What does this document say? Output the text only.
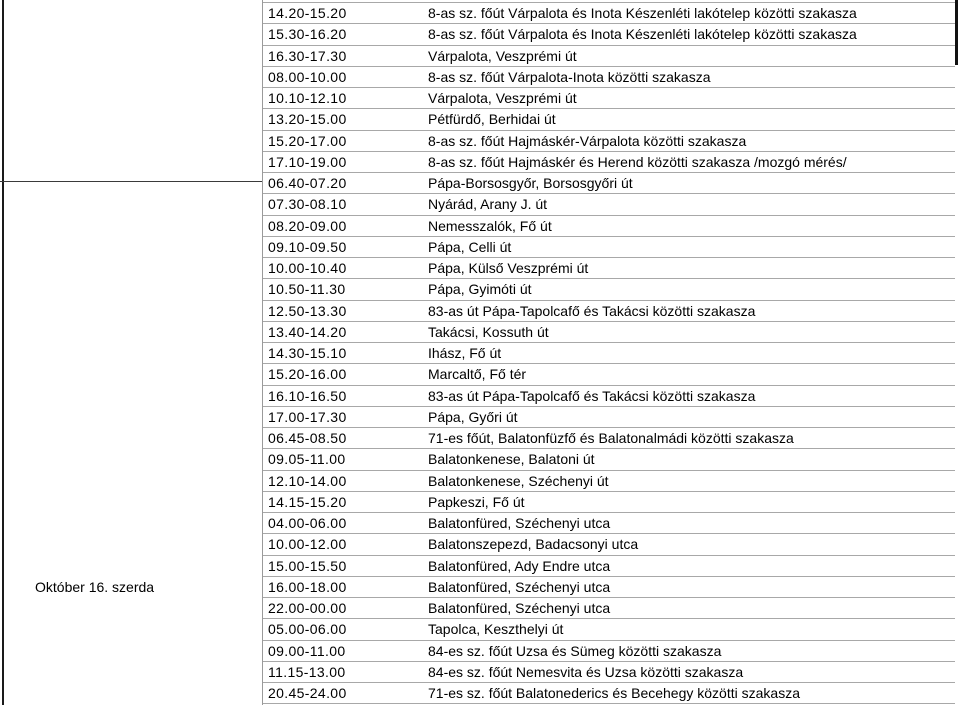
Október 16. szerda
14.20-15.20	8-as sz. főút Várpalota és Inota Készenléti lakótelep közötti szakasza
15.30-16.20	8-as sz. főút Várpalota és Inota Készenléti lakótelep közötti szakasza
16.30-17.30	Várpalota, Veszprémi út
08.00-10.00	8-as sz. főút Várpalota-Inota közötti szakasza
10.10-12.10	Várpalota, Veszprémi út
13.20-15.00	Pétfürdő, Berhidai út
15.20-17.00	8-as sz. főút Hajmáskér-Várpalota közötti szakasza
17.10-19.00	8-as sz. főút Hajmáskér és Herend közötti szakasza /mozgó mérés/
06.40-07.20	Pápa-Borsosgyőr, Borsosgyőri út
07.30-08.10	Nyárád, Arany J. út
08.20-09.00	Nemesszalók, Fő út
09.10-09.50	Pápa, Celli út
10.00-10.40	Pápa, Külső Veszprémi út
10.50-11.30	Pápa, Gyimóti út
12.50-13.30	83-as út Pápa-Tapolcafő és Takácsi közötti szakasza
13.40-14.20	Takácsi, Kossuth út
14.30-15.10	Ihász, Fő út
15.20-16.00	Marcaltő, Fő tér
16.10-16.50	83-as út Pápa-Tapolcafő és Takácsi közötti szakasza
17.00-17.30	Pápa, Győri út
06.45-08.50	71-es főút, Balatonfüzfő és Balatonalmádi közötti szakasza
09.05-11.00	Balatonkenese, Balatoni út
12.10-14.00	Balatonkenese, Széchenyi út
14.15-15.20	Papkeszi, Fő út
04.00-06.00	Balatonfüred, Széchenyi utca
10.00-12.00	Balatonszepezd, Badacsonyi utca
15.00-15.50	Balatonfüred, Ady Endre utca
16.00-18.00	Balatonfüred, Széchenyi utca
22.00-00.00	Balatonfüred, Széchenyi utca
05.00-06.00	Tapolca, Keszthelyi út
09.00-11.00	84-es sz. főút Uzsa és Sümeg közötti szakasza
11.15-13.00	84-es sz. főút Nemesvita és Uzsa közötti szakasza
20.45-24.00	71-es sz. főút Balatonederics és Becehegy közötti szakasza
